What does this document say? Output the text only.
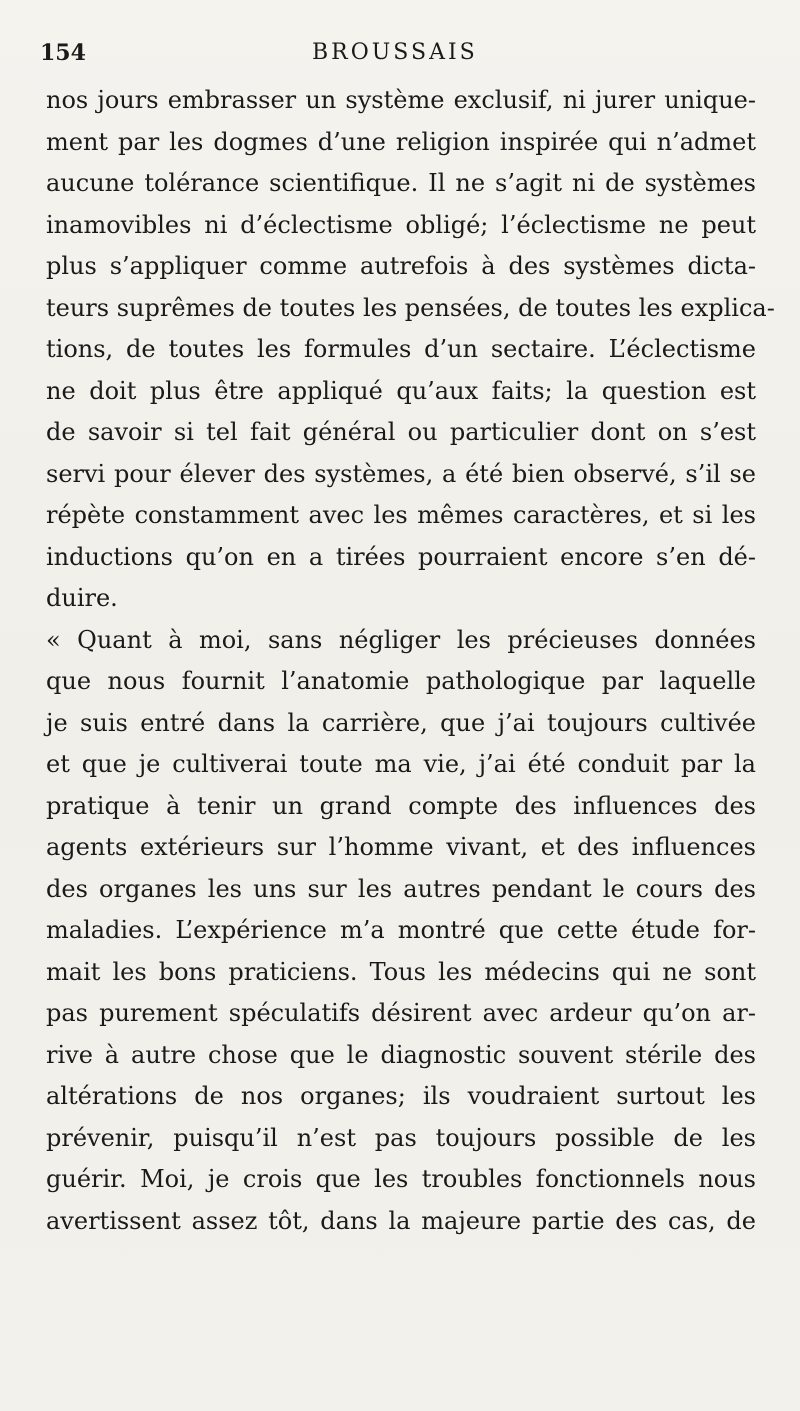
154	BROUSSAIS
nos jours embrasser un système exclusif, ni jurer unique-
ment par les dogmes d’une religion inspirée qui n’admet
aucune tolérance scientifique. Il ne s’agit ni de systèmes
inamovibles ni d’éclectisme obligé; l’éclectisme ne peut
plus s’appliquer comme autrefois à des systèmes dicta-
teurs suprêmes de toutes les pensées, de toutes les explica-
tions, de toutes les formules d’un sectaire. L’éclectisme
ne doit plus être appliqué qu’aux faits; la question est
de savoir si tel fait général ou particulier dont on s’est
servi pour élever des systèmes, a été bien observé, s’il se
répète constamment avec les mêmes caractères, et si les
inductions qu’on en a tirées pourraient encore s’en dé-
duire.
« Quant à moi, sans négliger les précieuses données
que nous fournit l’anatomie pathologique par laquelle
je suis entré dans la carrière, que j’ai toujours cultivée
et que je cultiverai toute ma vie, j’ai été conduit par la
pratique à tenir un grand compte des influences des
agents extérieurs sur l’homme vivant, et des influences
des organes les uns sur les autres pendant le cours des
maladies. L’expérience m’a montré que cette étude for-
mait les bons praticiens. Tous les médecins qui ne sont
pas purement spéculatifs désirent avec ardeur qu’on ar-
rive à autre chose que le diagnostic souvent stérile des
altérations de nos organes; ils voudraient surtout les
prévenir, puisqu’il n’est pas toujours possible de les
guérir. Moi, je crois que les troubles fonctionnels nous
avertissent assez tôt, dans la majeure partie des cas, de
